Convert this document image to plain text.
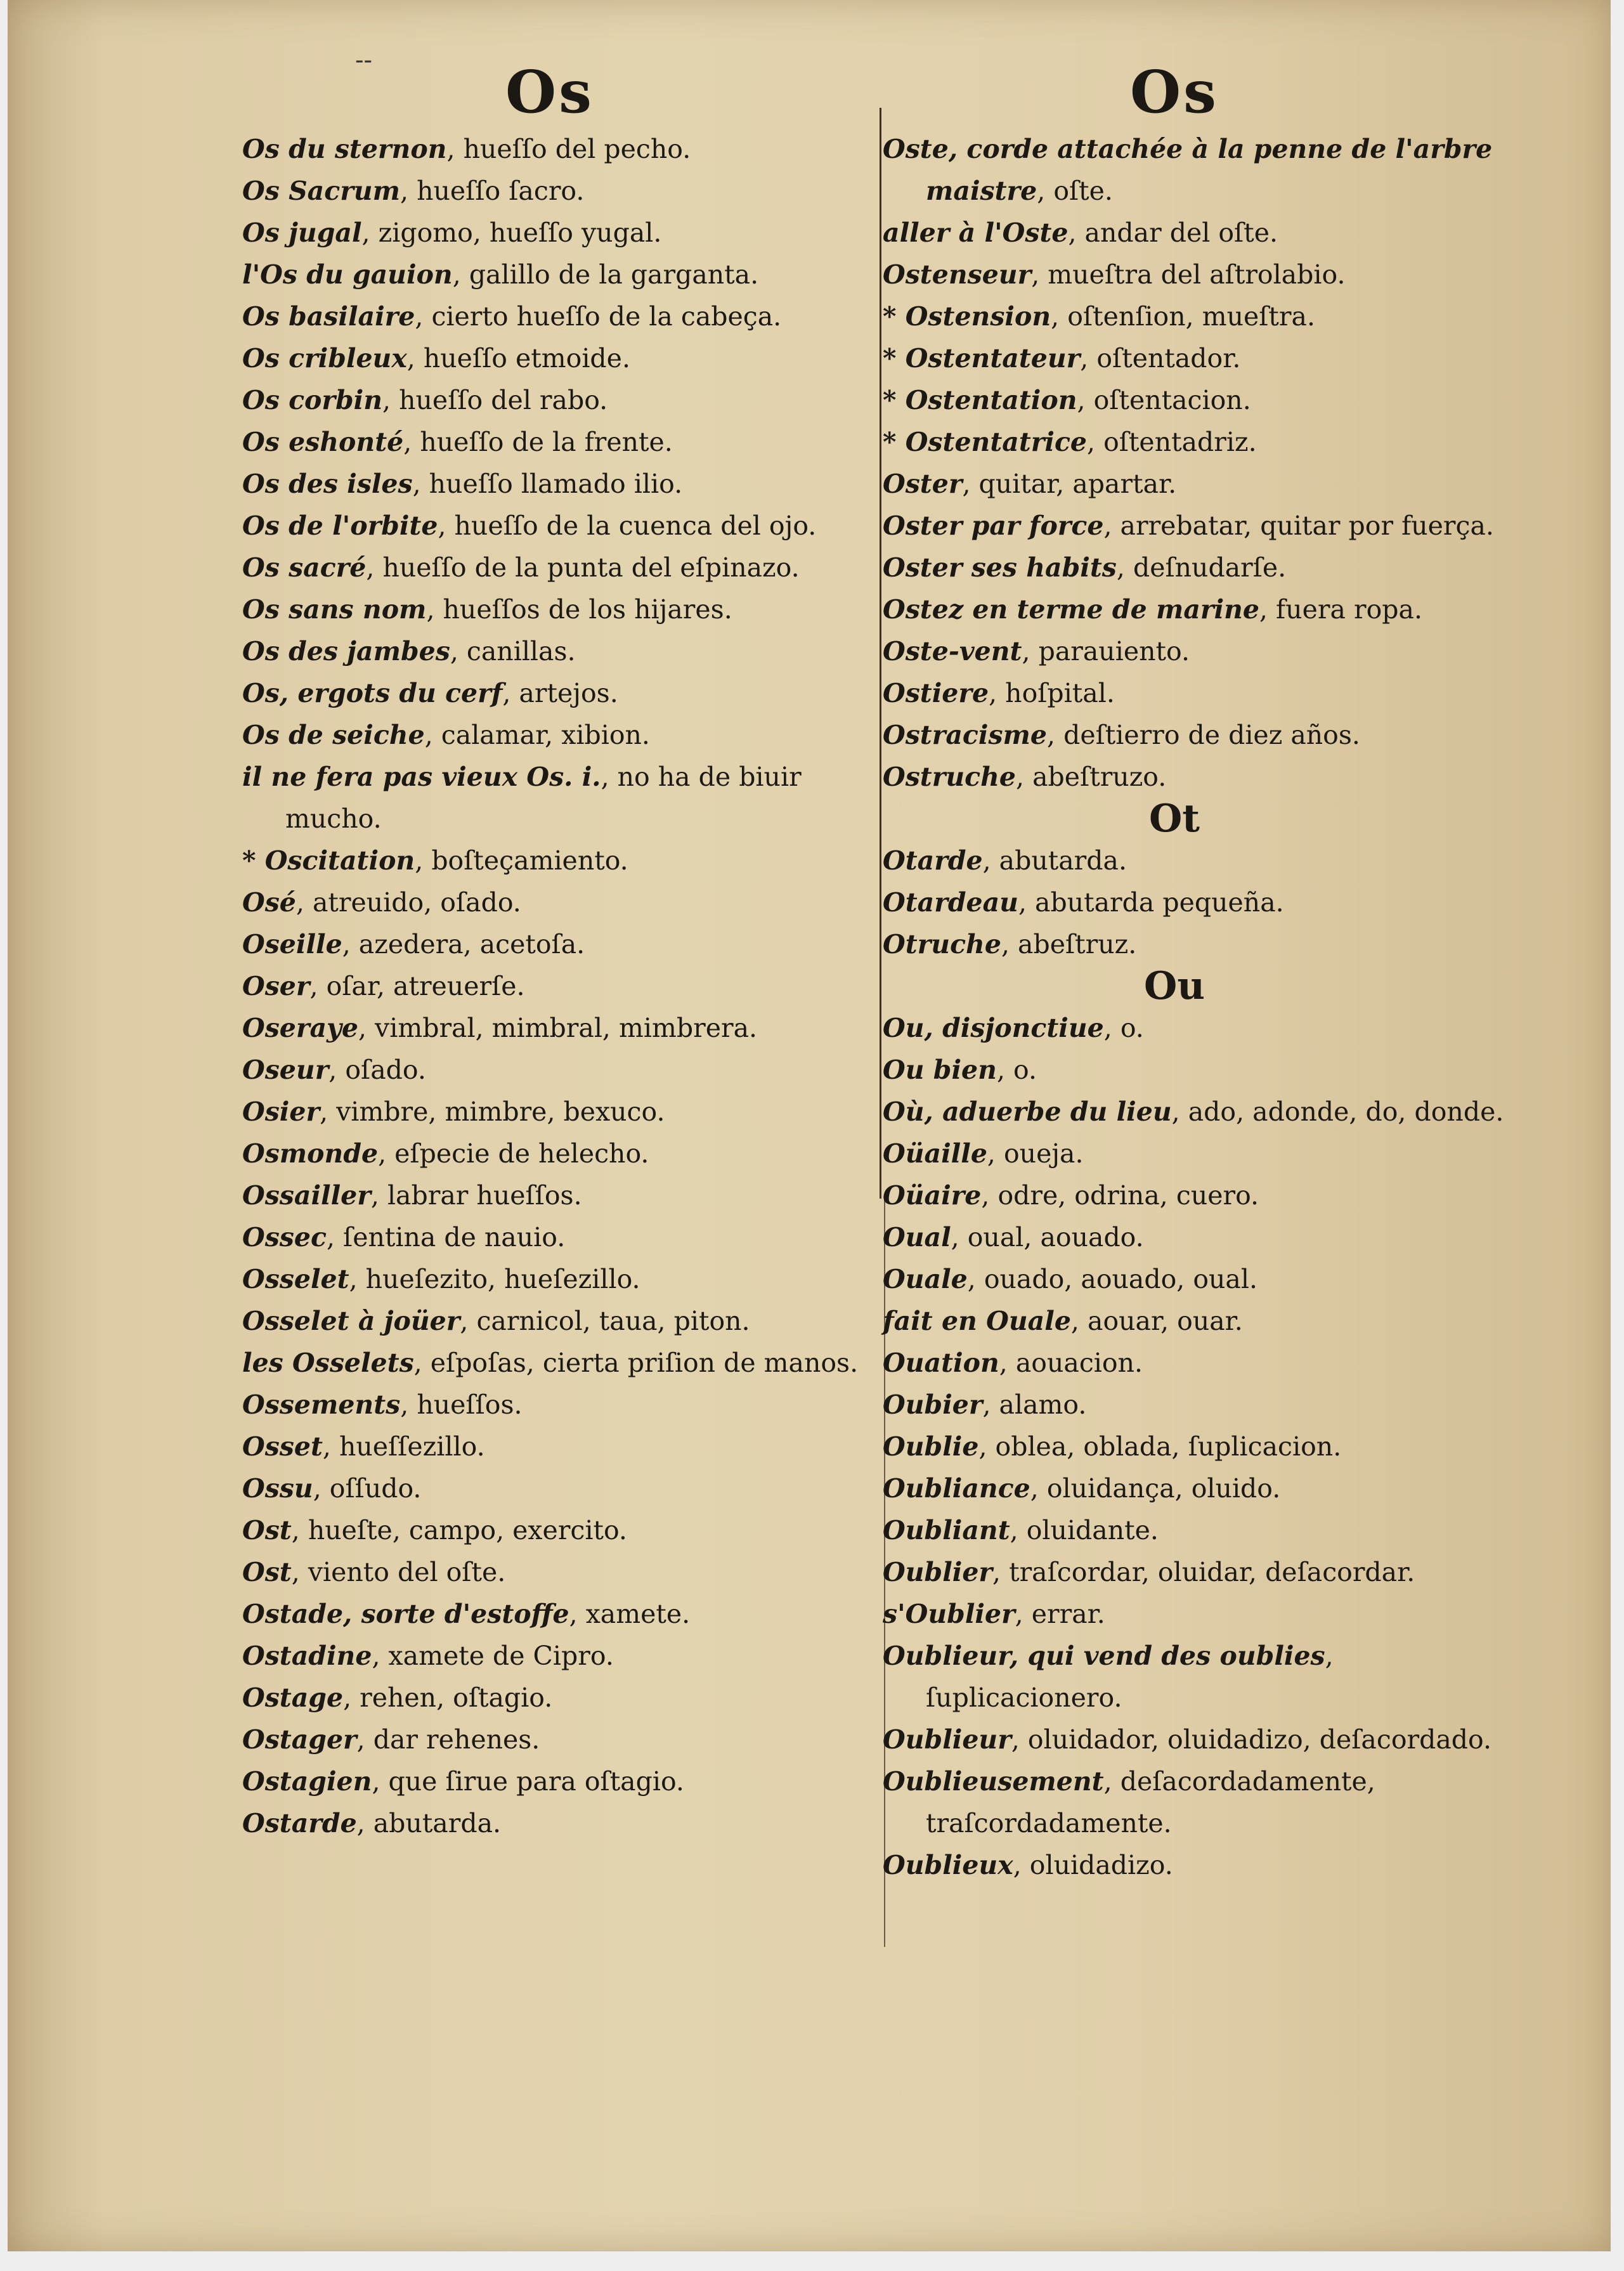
-- Os
Os du sternon , hueſſo del pecho.
Os Sacrum , hueſſo ſacro.
Os jugal , zigomo, hueſſo yugal.
l'Os du gauion , galillo de la garganta.
Os basilaire , cierto hueſſo de la cabeça.
Os cribleux , hueſſo etmoide.
Os corbin , hueſſo del rabo.
Os eshonté , hueſſo de la frente.
Os des isles , hueſſo llamado ilio.
Os de l'orbite , hueſſo de la cuenca del ojo.
Os sacré , hueſſo de la punta del eſpinazo.
Os sans nom , hueſſos de los hijares.
Os des jambes , canillas.
Os, ergots du cerf , artejos.
Os de seiche , calamar, xibion.
il ne fera pas vieux Os. i. , no ha de biuir mucho.
* Oscitation , boſteçamiento.
Osé , atreuido, oſado.
Oseille , azedera, acetoſa.
Oser , oſar, atreuerſe.
Oseraye , vimbral, mimbral, mimbrera.
Oseur , oſado.
Osier , vimbre, mimbre, bexuco.
Osmonde , eſpecie de helecho.
Ossailler , labrar hueſſos.
Ossec , ſentina de nauio.
Osselet , hueſezito, hueſezillo.
Osselet à joüer , carnicol, taua, piton.
les Osselets , eſpoſas, cierta priſion de manos.
Ossements , hueſſos.
Osset , hueſſezillo.
Ossu , oſſudo.
Ost , hueſte, campo, exercito.
Ost , viento del oſte.
Ostade, sorte d'estoffe , xamete.
Ostadine , xamete de Cipro.
Ostage , rehen, oſtagio.
Ostager , dar rehenes.
Ostagien , que ſirue para oſtagio.
Ostarde , abutarda.
Os
Oste, corde attachée à la penne de l'arbre maistre , oſte.
aller à l'Oste , andar del oſte.
Ostenseur , mueſtra del aſtrolabio.
* Ostension , oſtenſion, mueſtra.
* Ostentateur , oſtentador.
* Ostentation , oſtentacion.
* Ostentatrice , oſtentadriz.
Oster , quitar, apartar.
Oster par force , arrebatar, quitar por fuerça.
Oster ses habits , deſnudarſe.
Ostez en terme de marine , fuera ropa.
Oste-vent , parauiento.
Ostiere , hoſpital.
Ostracisme , deſtierro de diez años.
Ostruche , abeſtruzo.
Ot
Otarde , abutarda.
Otardeau , abutarda pequeña.
Otruche , abeſtruz.
Ou
Ou, disjonctiue , o.
Ou bien , o.
Où, aduerbe du lieu , ado, adonde, do, donde.
Oüaille , oueja.
Oüaire , odre, odrina, cuero.
Oual , oual, aouado.
Ouale , ouado, aouado, oual.
fait en Ouale , aouar, ouar.
Ouation , aouacion.
Oubier , alamo.
Oublie , oblea, oblada, ſuplicacion.
Oubliance , oluidança, oluido.
Oubliant , oluidante.
Oublier , traſcordar, oluidar, deſacordar.
s'Oublier , errar.
Oublieur, qui vend des oublies , ſuplicacionero.
Oublieur , oluidador, oluidadizo, deſacordado.
Oublieusement , deſacordadamente, traſcordadamente.
Oublieux , oluidadizo.
